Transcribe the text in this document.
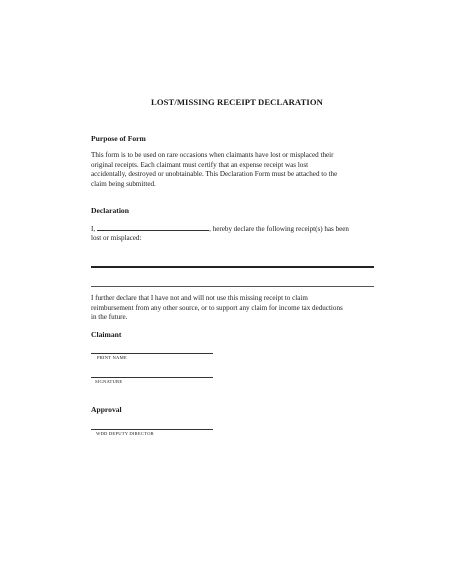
LOST/MISSING RECEIPT DECLARATION
Purpose of Form
This form is to be used on rare occasions when claimants have lost or misplaced their
original receipts. Each claimant must certify that an expense receipt was lost
accidentally, destroyed or unobtainable. This Declaration Form must be attached to the
claim being submitted.
Declaration
I,	, hereby declare the following receipt(s) has been
lost or misplaced:
I further declare that I have not and will not use this missing receipt to claim
reimbursement from any other source, or to support any claim for income tax deductions
in the future.
Claimant
PRINT NAME
SIGNATURE
Approval
WDD DEPUTY DIRECTOR
